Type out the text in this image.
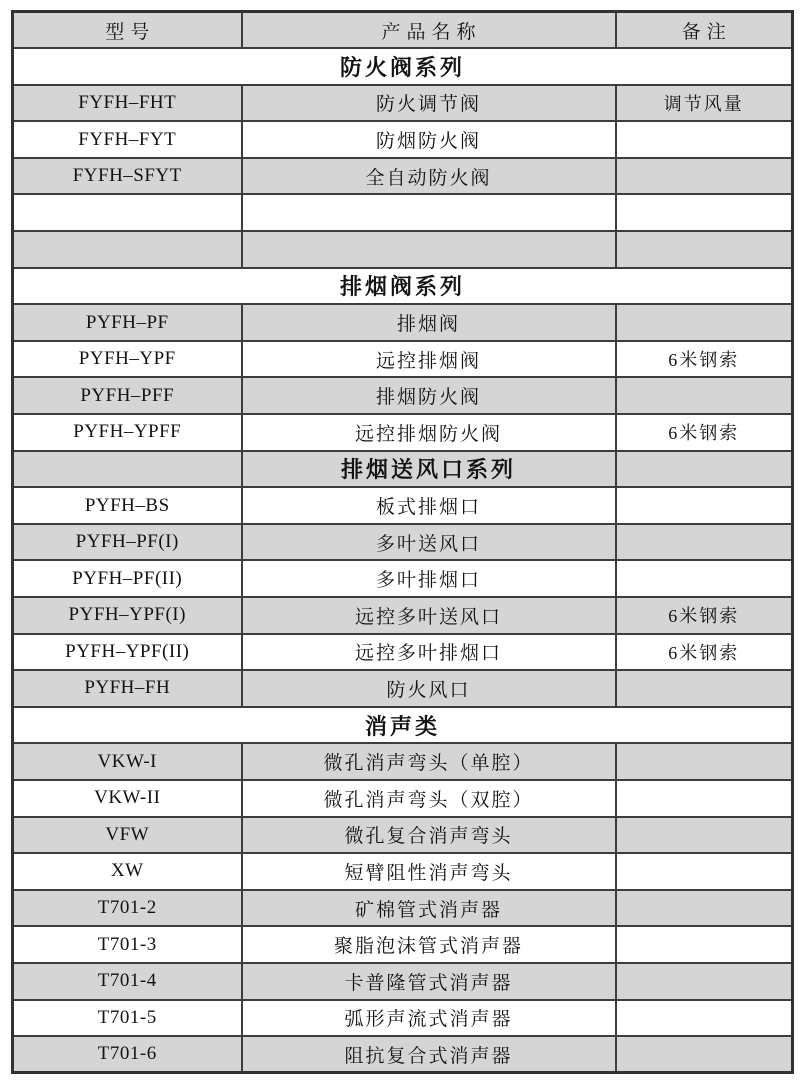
型号	产品名称	备注
防火阀系列		
FYFH–FHT	防火调节阀	调节风量
FYFH–FYT	防烟防火阀	
FYFH–SFYT	全自动防火阀	

排烟阀系列		
PYFH–PF	排烟阀	
PYFH–YPF	远控排烟阀	6米钢索
PYFH–PFF	排烟防火阀	
PYFH–YPFF	远控排烟防火阀	6米钢索
	排烟送风口系列	
PYFH–BS	板式排烟口	
PYFH–PF(I)	多叶送风口	
PYFH–PF(II)	多叶排烟口	
PYFH–YPF(I)	远控多叶送风口	6米钢索
PYFH–YPF(II)	远控多叶排烟口	6米钢索
PYFH–FH	防火风口	
消声类		
VKW-I	微孔消声弯头（单腔）	
VKW-II	微孔消声弯头（双腔）	
VFW	微孔复合消声弯头	
XW	短臂阻性消声弯头	
T701-2	矿棉管式消声器	
T701-3	聚脂泡沫管式消声器	
T701-4	卡普隆管式消声器	
T701-5	弧形声流式消声器	
T701-6	阻抗复合式消声器	
